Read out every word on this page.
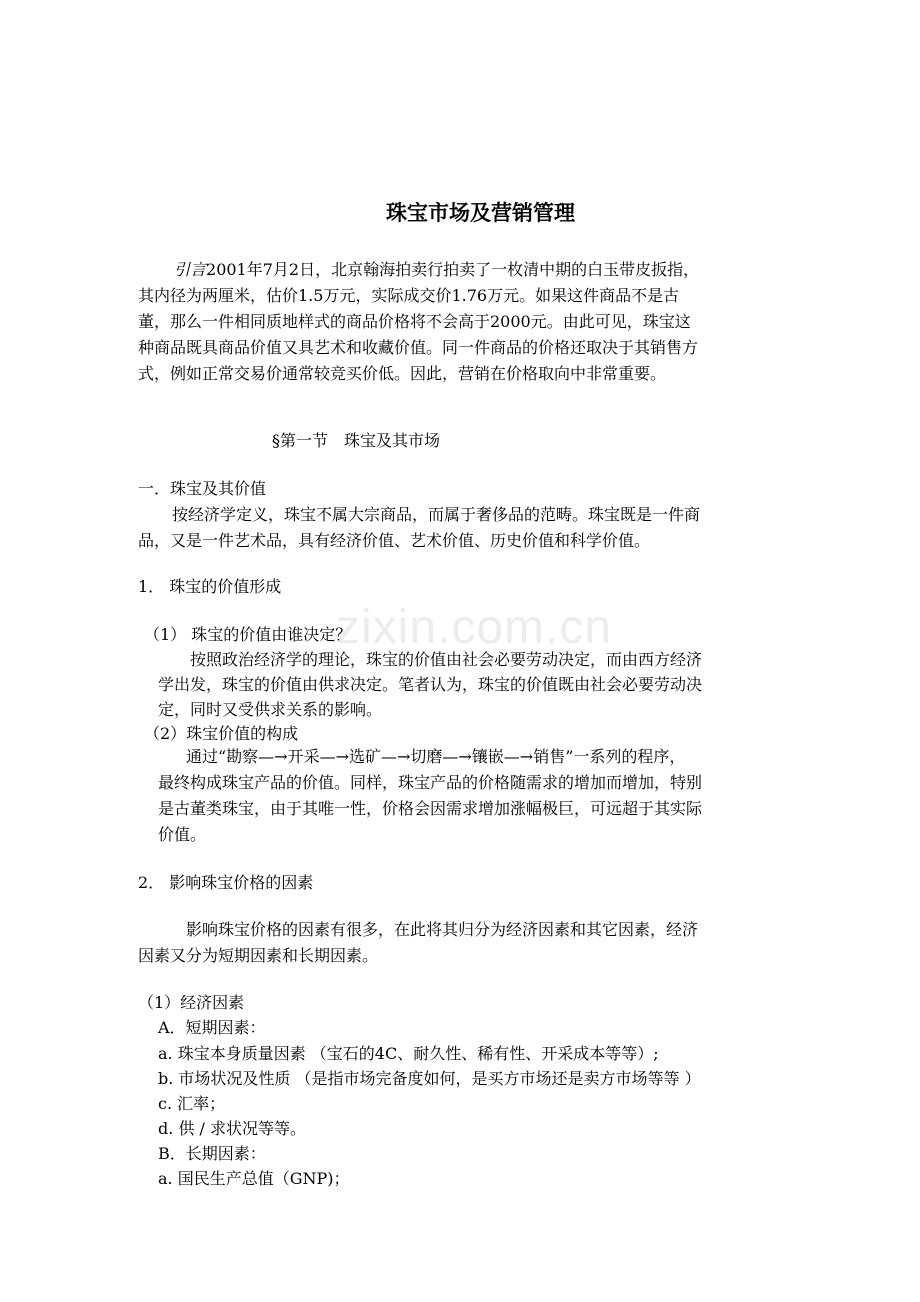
zixin.com.cn
珠宝市场及营销管理
引言2001年7月2日，北京翰海拍卖行拍卖了一枚清中期的白玉带皮扳指，
其内径为两厘米，估价1.5万元，实际成交价1.76万元。如果这件商品不是古
董，那么一件相同质地样式的商品价格将不会高于2000元。由此可见，珠宝这
种商品既具商品价值又具艺术和收藏价值。同一件商品的价格还取决于其销售方
式，例如正常交易价通常较竞买价低。因此，营销在价格取向中非常重要。
§第一节　珠宝及其市场
一．珠宝及其价值
按经济学定义，珠宝不属大宗商品，而属于奢侈品的范畴。珠宝既是一件商
品，又是一件艺术品，具有经济价值、艺术价值、历史价值和科学价值。
1． 珠宝的价值形成
（1） 珠宝的价值由谁决定？
按照政治经济学的理论，珠宝的价值由社会必要劳动决定，而由西方经济
学出发，珠宝的价值由供求决定。笔者认为，珠宝的价值既由社会必要劳动决
定，同时又受供求关系的影响。
（2）珠宝价值的构成
通过“勘察—→开采—→选矿—→切磨—→镶嵌—→销售”一系列的程序，
最终构成珠宝产品的价值。同样，珠宝产品的价格随需求的增加而增加，特别
是古董类珠宝，由于其唯一性，价格会因需求增加涨幅极巨，可远超于其实际
价值。
2． 影响珠宝价格的因素
影响珠宝价格的因素有很多，在此将其归分为经济因素和其它因素，经济
因素又分为短期因素和长期因素。
（1）经济因素
A．短期因素：
a. 珠宝本身质量因素 （宝石的4C、耐久性、稀有性、开采成本等等）;
b. 市场状况及性质 （是指市场完备度如何，是买方市场还是卖方市场等等 ）
c. 汇率；
d. 供 / 求状况等等。
B．长期因素：
a. 国民生产总值（GNP)；
